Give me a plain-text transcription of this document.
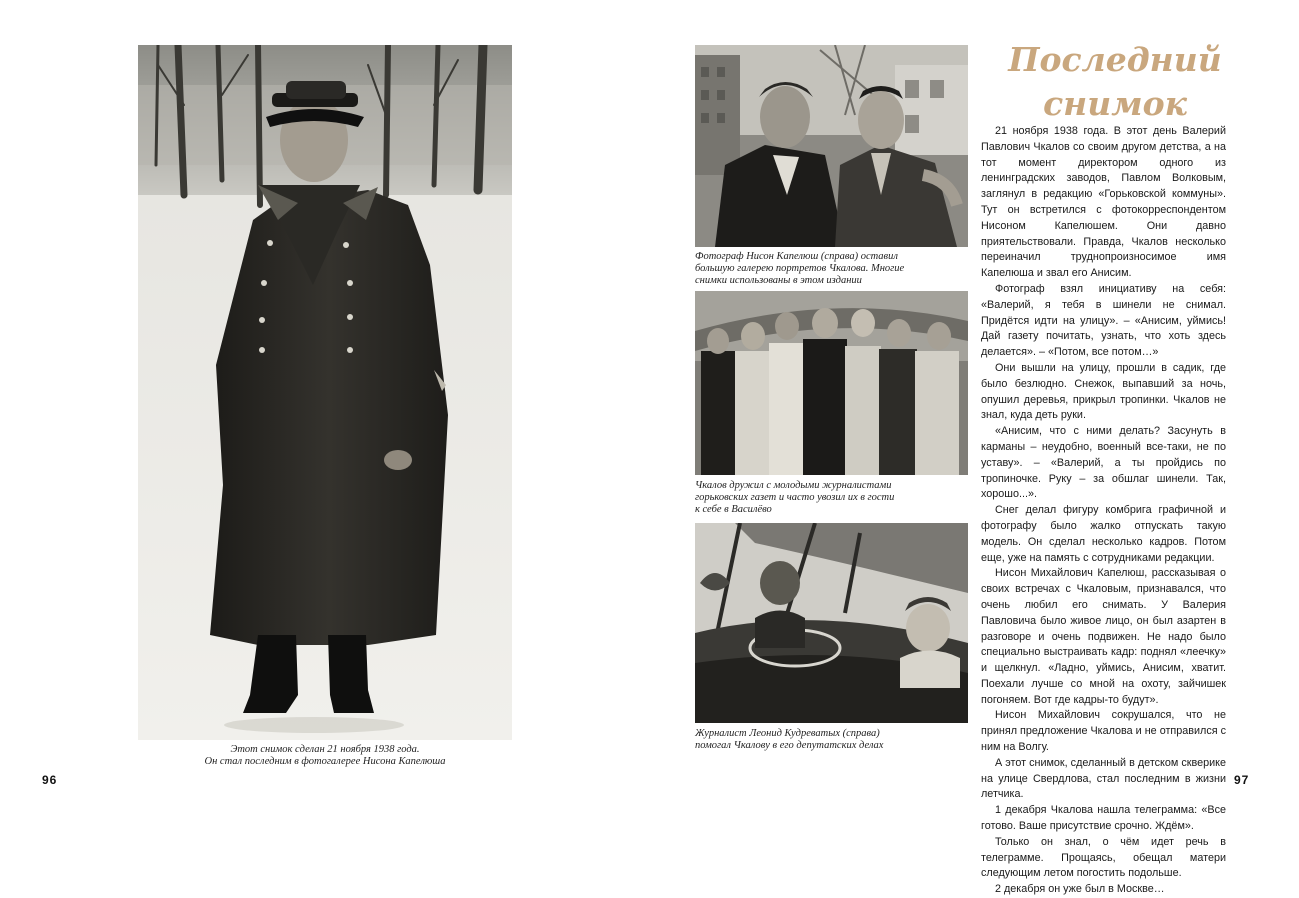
Этот снимок сделан 21 ноября 1938 года.
Он стал последним в фотогалерее Нисона Капелюша
96
Фотограф Нисон Капелюш (справа) оставил
большую галерею портретов Чкалова. Многие
снимки использованы в этом издании
Чкалов дружил с молодыми журналистами
горьковских газет и часто увозил их в гости
к себе в Василёво
Журналист Леонид Кудреватых (справа)
помогал Чкалову в его депутатских делах
Последний
снимок

21 ноября 1938 года. В этот день Валерий Павлович Чкалов со своим другом детства, а на тот момент директором одного из ленинградских заводов, Павлом Волковым, заглянул в редакцию «Горьковской коммуны». Тут он встретился с фотокорреспондентом Нисоном Капелюшем. Они давно приятельствовали. Правда, Чкалов несколько переиначил труднопроизносимое имя Капелюша и звал его Анисим.

Фотограф взял инициативу на себя: «Валерий, я тебя в шинели не снимал. Придётся идти на улицу». – «Анисим, уймись! Дай газету почитать, узнать, что хоть здесь делается». – «Потом, все потом…»

Они вышли на улицу, прошли в садик, где было безлюдно. Снежок, выпавший за ночь, опушил деревья, прикрыл тропинки. Чкалов не знал, куда деть руки.

«Анисим, что с ними делать? Засунуть в карманы – неудобно, военный все-таки, не по уставу». – «Валерий, а ты пройдись по тропиночке. Руку – за обшлаг шинели. Так, хорошо...».

Снег делал фигуру комбрига графичной и фотографу было жалко отпускать такую модель. Он сделал несколько кадров. Потом еще, уже на память с сотрудниками редакции.

Нисон Михайлович Капелюш, рассказывая о своих встречах с Чкаловым, признавался, что очень любил его снимать. У Валерия Павловича было живое лицо, он был азартен в разговоре и очень подвижен. Не надо было специально выстраивать кадр: поднял «леечку» и щелкнул. «Ладно, уймись, Анисим, хватит. Поехали лучше со мной на охоту, зайчишек погоняем. Вот где кадры-то будут».

Нисон Михайлович сокрушался, что не принял предложение Чкалова и не отправился с ним на Волгу.

А этот снимок, сделанный в детском скверике на улице Свердлова, стал последним в жизни летчика.

1 декабря Чкалова нашла телеграмма: «Все готово. Ваше присутствие срочно. Ждём».

Только он знал, о чём идет речь в телеграмме. Прощаясь, обещал матери следующим летом погостить подольше.

2 декабря он уже был в Москве…

97
